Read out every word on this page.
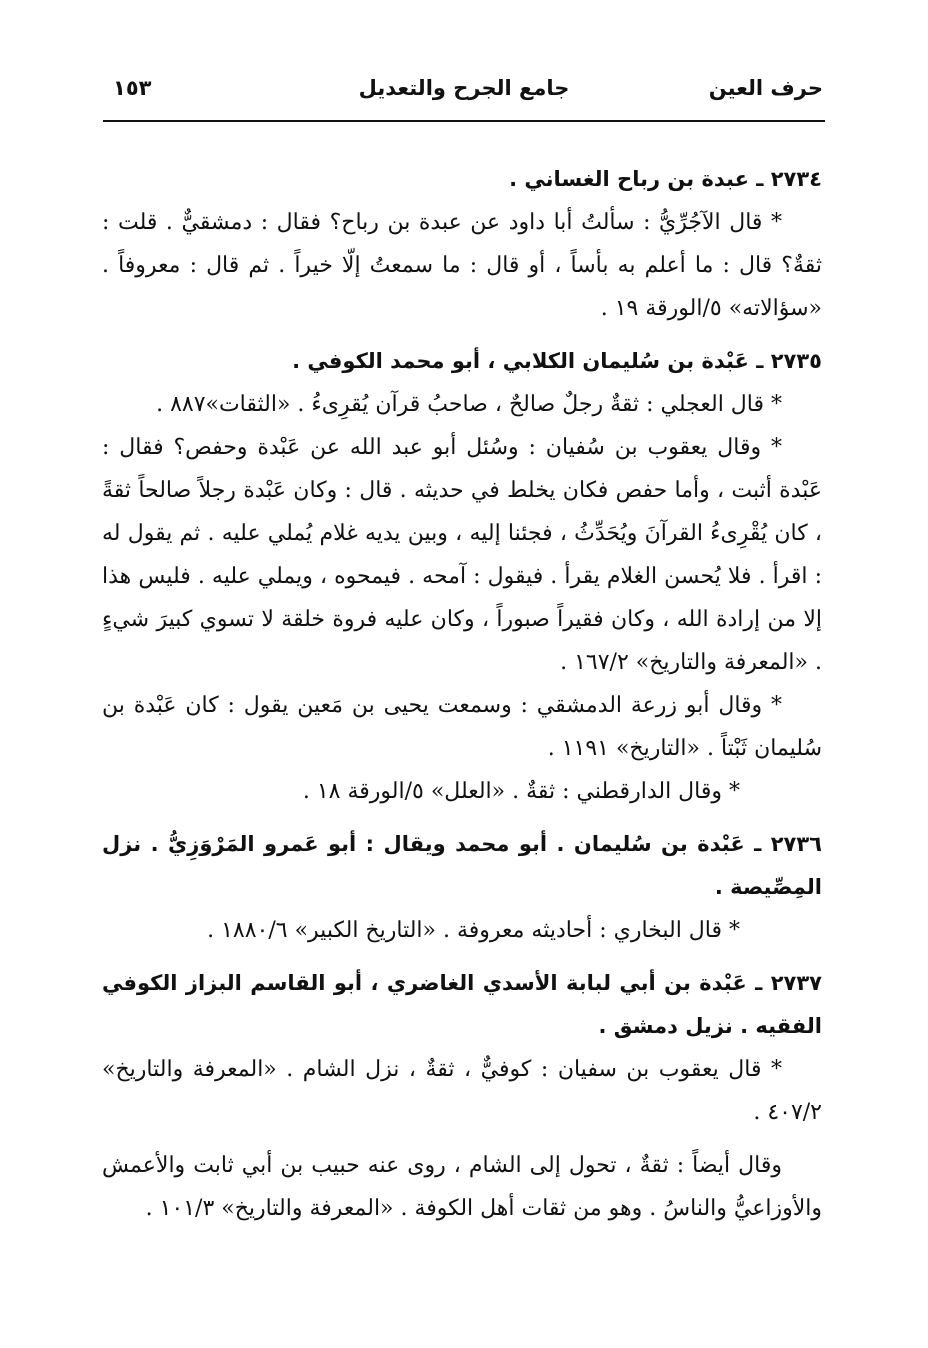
حرف العين
جامع الجرح والتعديل
١٥٣

٢٧٣٤ ـ عبدة بن رباح الغساني .

* قال الآجُرِّيُّ : سألتُ أبا داود عن عبدة بن رباح؟ فقال : دمشقيٌّ . قلت : ثقةٌ؟ قال : ما أعلم به بأساً ، أو قال : ما سمعتُ إلّا خيراً . ثم قال : معروفاً . «سؤالاته» ٥/الورقة ١٩ .

٢٧٣٥ ـ عَبْدة بن سُليمان الكلابي ، أبو محمد الكوفي .

* قال العجلي : ثقةٌ رجلٌ صالحٌ ، صاحبُ قرآن يُقرِىءُ . «الثقات»٨٨٧ .

* وقال يعقوب بن سُفيان : وسُئل أبو عبد الله عن عَبْدة وحفص؟ فقال : عَبْدة أثبت ، وأما حفص فكان يخلط في حديثه . قال : وكان عَبْدة رجلاً صالحاً ثقةً ، كان يُقْرِىءُ القرآنَ ويُحَدِّثُ ، فجئنا إليه ، وبين يديه غلام يُملي عليه . ثم يقول له : اقرأ . فلا يُحسن الغلام يقرأ . فيقول : آمحه . فيمحوه ، ويملي عليه . فليس هذا إلا من إرادة الله ، وكان فقيراً صبوراً ، وكان عليه فروة خلقة لا تسوي كبيرَ شيءٍ . «المعرفة والتاريخ» ١٦٧/٢ .

* وقال أبو زرعة الدمشقي : وسمعت يحيى بن مَعين يقول : كان عَبْدة بن سُليمان ثَبْتاً . «التاريخ» ١١٩١ .

* وقال الدارقطني : ثقةٌ . «العلل» ٥/الورقة ١٨ .

٢٧٣٦ ـ عَبْدة بن سُليمان . أبو محمد ويقال : أبو عَمرو المَرْوَزِيُّ . نزل المِصِّيصة .

* قال البخاري : أحاديثه معروفة . «التاريخ الكبير» ١٨٨٠/٦ .

٢٧٣٧ ـ عَبْدة بن أبي لبابة الأسدي الغاضري ، أبو القاسم البزاز الكوفي الفقيه . نزيل دمشق .

* قال يعقوب بن سفيان : كوفيٌّ ، ثقةٌ ، نزل الشام . «المعرفة والتاريخ» ٤٠٧/٢ .

وقال أيضاً : ثقةٌ ، تحول إلى الشام ، روى عنه حبيب بن أبي ثابت والأعمش والأوزاعيُّ والناسُ . وهو من ثقات أهل الكوفة . «المعرفة والتاريخ» ١٠١/٣ .
